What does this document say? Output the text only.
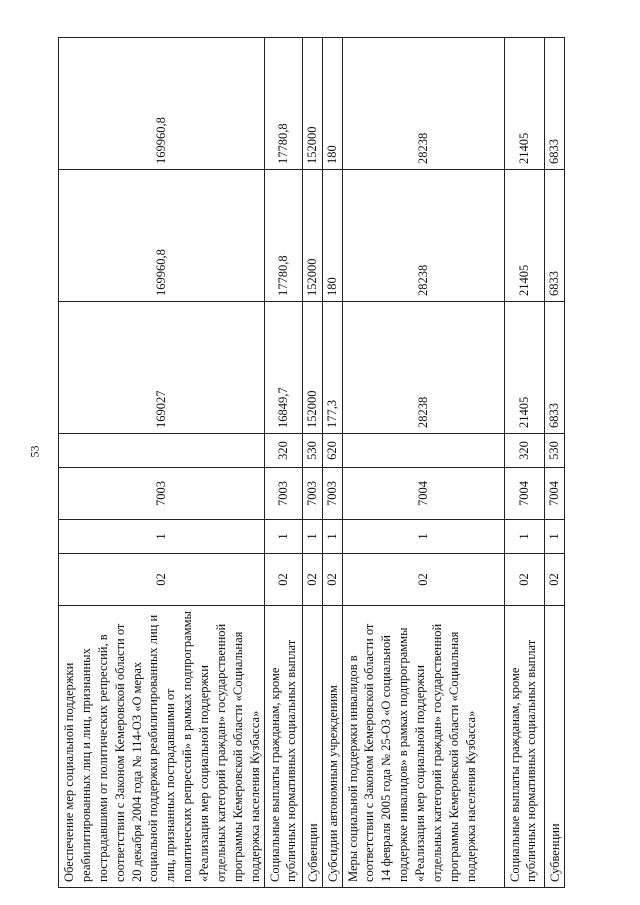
53
Обеспечение мер социальной поддержки реабилитированных лиц и лиц, признанных пострадавшими от политических репрессий, в соответствии с Законом Кемеровской области от 20 декабря 2004 года № 114-ОЗ «О мерах социальной поддержки реабилитированных лиц и лиц, признанных пострадавшими от политических репрессий» в рамках подпрограммы «Реализация мер социальной поддержки отдельных категорий граждан» государственной программы Кемеровской области «Социальная поддержка населения Кузбасса»	02	1	7003		169027	169960,8	169960,8
Социальные выплаты гражданам, кроме публичных нормативных социальных выплат	02	1	7003	320	16849,7	17780,8	17780,8
Субвенции	02	1	7003	530	152000	152000	152000
Субсидии автономным учреждениям	02	1	7003	620	177,3	180	180
Меры социальной поддержки инвалидов в соответствии с Законом Кемеровской области от 14 февраля 2005 года № 25-ОЗ «О социальной поддержке инвалидов» в рамках подпрограммы «Реализация мер социальной поддержки отдельных категорий граждан» государственной программы Кемеровской области «Социальная поддержка населения Кузбасса»	02	1	7004		28238	28238	28238
Социальные выплаты гражданам, кроме публичных нормативных социальных выплат	02	1	7004	320	21405	21405	21405
Субвенции	02	1	7004	530	6833	6833	6833
